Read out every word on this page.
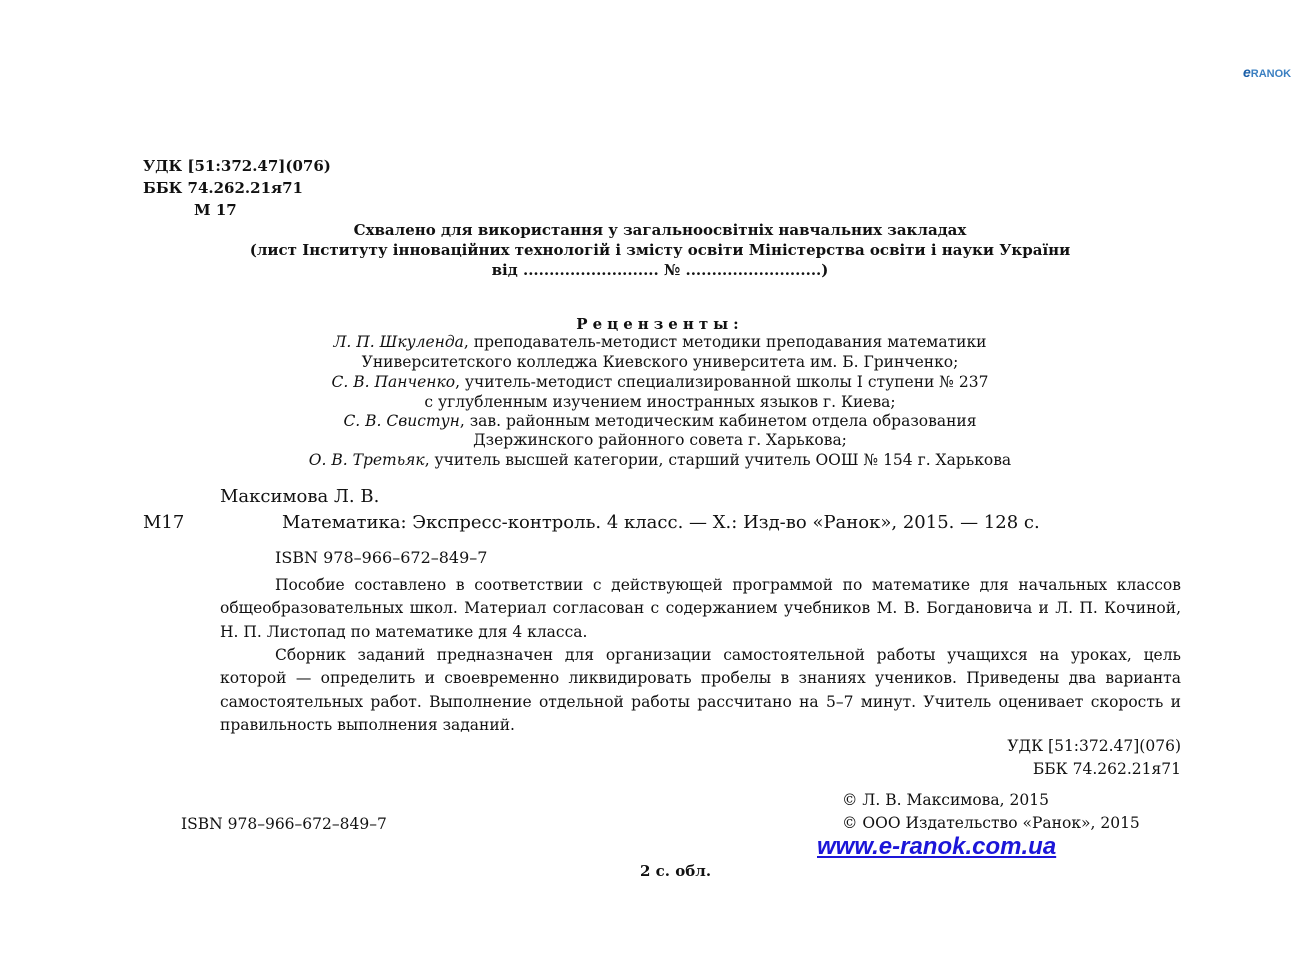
eRANOK
УДК [51:372.47](076)
ББК 74.262.21я71
М 17
Схвалено для використання у загальноосвітніх навчальних закладах
(лист Інституту інноваційних технологій і змісту освіти Міністерства освіти і науки України
від .......................... № ..........................)
Рецензенты:
Л. П. Шкуленда, преподаватель-методист методики преподавания математики
Университетского колледжа Киевского университета им. Б. Гринченко;
С. В. Панченко, учитель-методист специализированной школы I ступени № 237
с углубленным изучением иностранных языков г. Киева;
С. В. Свистун, зав. районным методическим кабинетом отдела образования
Дзержинского районного совета г. Харькова;
О. В. Третьяк, учитель высшей категории, старший учитель ООШ № 154 г. Харькова
Максимова Л. В.
М17	Математика: Экспресс-контроль. 4 класс. — Х.: Изд-во «Ранок», 2015. — 128 с.
ISBN 978–966–672–849–7
Пособие составлено в соответствии с действующей программой по математике для начальных классов общеобразовательных школ. Материал согласован с содержанием учебников М. В. Богдановича и Л. П. Кочиной, Н. П. Листопад по математике для 4 класса.
Сборник заданий предназначен для организации самостоятельной работы учащихся на уроках, цель которой — определить и своевременно ликвидировать пробелы в знаниях учеников. Приведены два варианта самостоятельных работ. Выполнение отдельной работы рассчитано на 5–7 минут. Учитель оценивает скорость и правильность выполнения заданий.
УДК [51:372.47](076)
ББК 74.262.21я71
© Л. В. Максимова, 2015
© ООО Издательство «Ранок», 2015
ISBN 978–966–672–849–7
www.e-ranok.com.ua
2 с. обл.
